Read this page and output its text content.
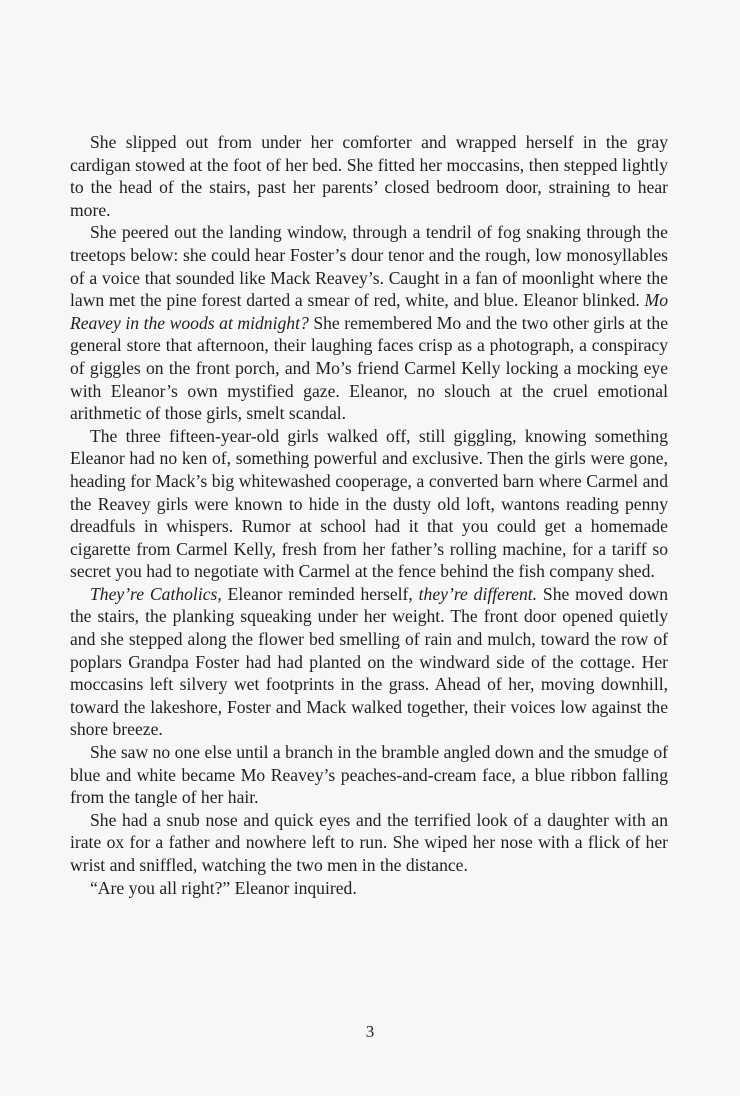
She slipped out from under her comforter and wrapped herself in the gray cardigan stowed at the foot of her bed. She fitted her moccasins, then stepped lightly to the head of the stairs, past her parents’ closed bedroom door, straining to hear more.

She peered out the landing window, through a tendril of fog snaking through the treetops below: she could hear Foster’s dour tenor and the rough, low monosyllables of a voice that sounded like Mack Reavey’s. Caught in a fan of moonlight where the lawn met the pine forest darted a smear of red, white, and blue. Eleanor blinked. Mo Reavey in the woods at midnight? She remembered Mo and the two other girls at the general store that afternoon, their laughing faces crisp as a photograph, a conspiracy of giggles on the front porch, and Mo’s friend Carmel Kelly locking a mocking eye with Eleanor’s own mystified gaze. Eleanor, no slouch at the cruel emotional arithmetic of those girls, smelt scandal.

The three fifteen-year-old girls walked off, still giggling, knowing something Eleanor had no ken of, something powerful and exclusive. Then the girls were gone, heading for Mack’s big whitewashed cooperage, a converted barn where Carmel and the Reavey girls were known to hide in the dusty old loft, wantons reading penny dreadfuls in whispers. Rumor at school had it that you could get a homemade cigarette from Carmel Kelly, fresh from her father’s rolling machine, for a tariff so secret you had to negotiate with Carmel at the fence behind the fish company shed.

They’re Catholics, Eleanor reminded herself, they’re different. She moved down the stairs, the planking squeaking under her weight. The front door opened quietly and she stepped along the flower bed smelling of rain and mulch, toward the row of poplars Grandpa Foster had had planted on the windward side of the cottage. Her moccasins left silvery wet footprints in the grass. Ahead of her, moving downhill, toward the lakeshore, Foster and Mack walked together, their voices low against the shore breeze.

She saw no one else until a branch in the bramble angled down and the smudge of blue and white became Mo Reavey’s peaches-and-cream face, a blue ribbon falling from the tangle of her hair.

She had a snub nose and quick eyes and the terrified look of a daughter with an irate ox for a father and nowhere left to run. She wiped her nose with a flick of her wrist and sniffled, watching the two men in the distance.

“Are you all right?” Eleanor inquired.

3
